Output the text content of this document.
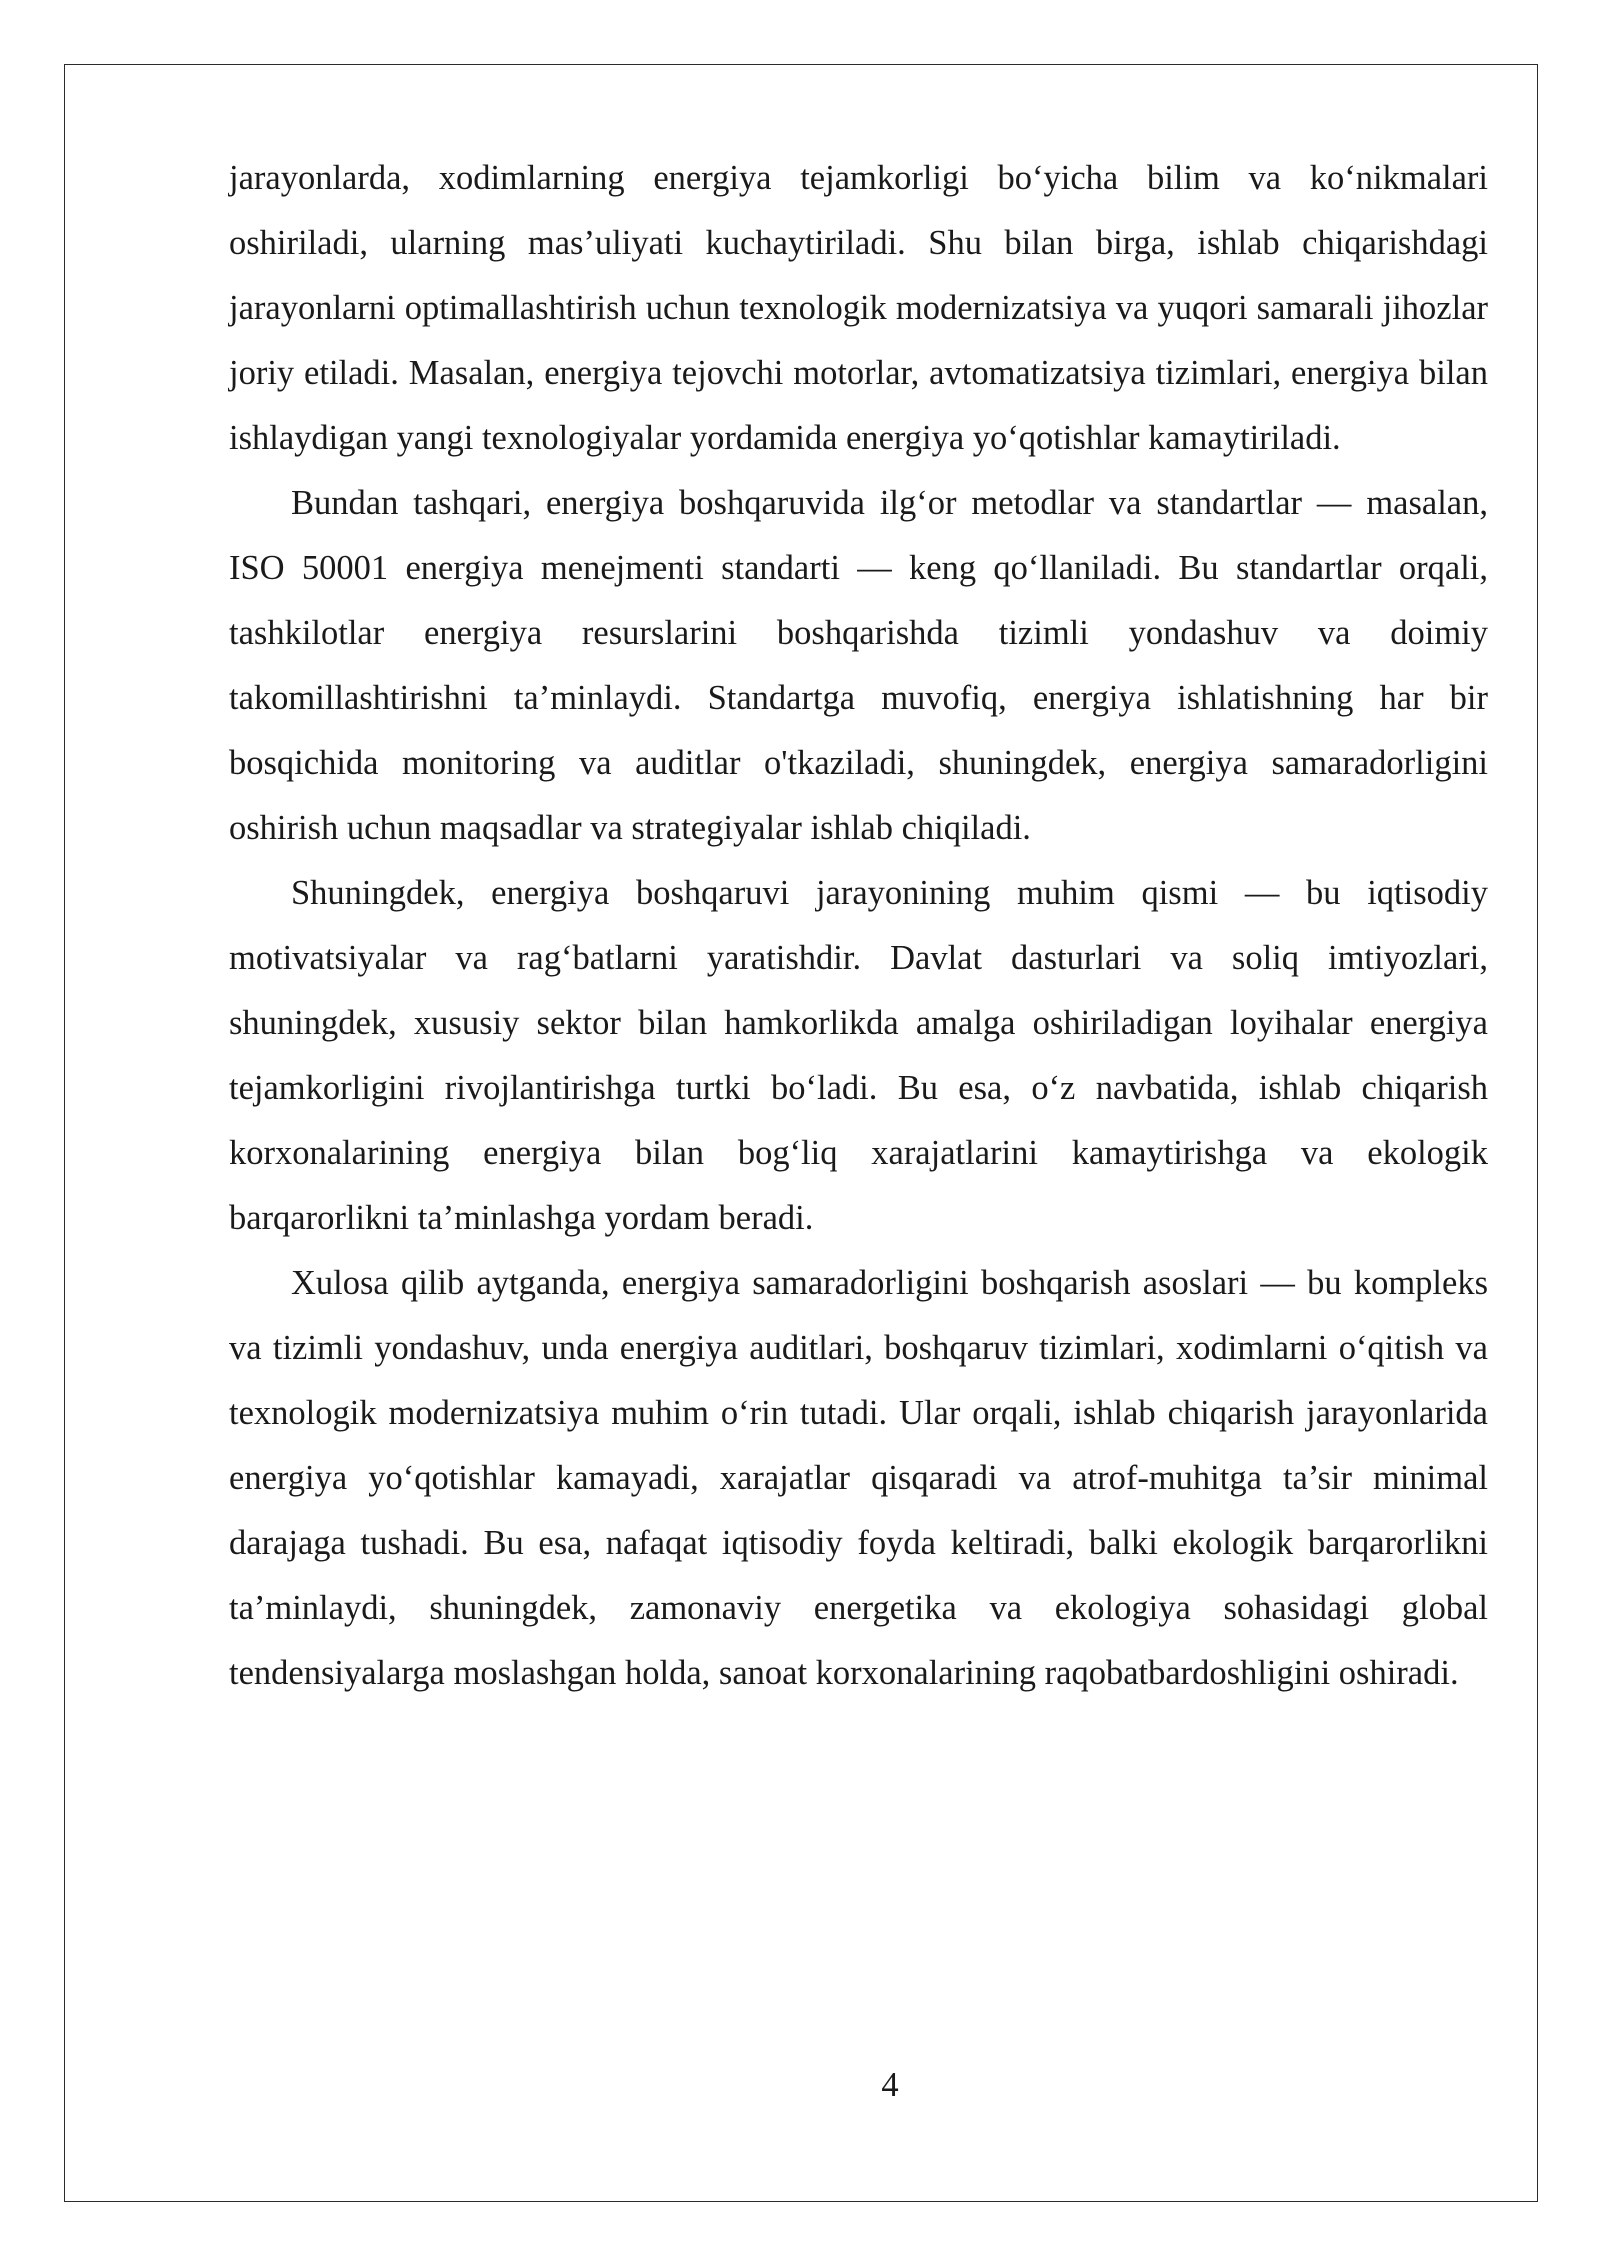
jarayonlarda, xodimlarning energiya tejamkorligi bo‘yicha bilim va ko‘nikmalari oshiriladi, ularning mas’uliyati kuchaytiriladi. Shu bilan birga, ishlab chiqarishdagi jarayonlarni optimallashtirish uchun texnologik modernizatsiya va yuqori samarali jihozlar joriy etiladi. Masalan, energiya tejovchi motorlar, avtomatizatsiya tizimlari, energiya bilan ishlaydigan yangi texnologiyalar yordamida energiya yo‘qotishlar kamaytiriladi.

Bundan tashqari, energiya boshqaruvida ilg‘or metodlar va standartlar — masalan, ISO 50001 energiya menejmenti standarti — keng qo‘llaniladi. Bu standartlar orqali, tashkilotlar energiya resurslarini boshqarishda tizimli yondashuv va doimiy takomillashtirishni ta’minlaydi. Standartga muvofiq, energiya ishlatishning har bir bosqichida monitoring va auditlar o'tkaziladi, shuningdek, energiya samaradorligini oshirish uchun maqsadlar va strategiyalar ishlab chiqiladi.

Shuningdek, energiya boshqaruvi jarayonining muhim qismi — bu iqtisodiy motivatsiyalar va rag‘batlarni yaratishdir. Davlat dasturlari va soliq imtiyozlari, shuningdek, xususiy sektor bilan hamkorlikda amalga oshiriladigan loyihalar energiya tejamkorligini rivojlantirishga turtki bo‘ladi. Bu esa, o‘z navbatida, ishlab chiqarish korxonalarining energiya bilan bog‘liq xarajatlarini kamaytirishga va ekologik barqarorlikni ta’minlashga yordam beradi.

Xulosa qilib aytganda, energiya samaradorligini boshqarish asoslari — bu kompleks va tizimli yondashuv, unda energiya auditlari, boshqaruv tizimlari, xodimlarni o‘qitish va texnologik modernizatsiya muhim o‘rin tutadi. Ular orqali, ishlab chiqarish jarayonlarida energiya yo‘qotishlar kamayadi, xarajatlar qisqaradi va atrof-muhitga ta’sir minimal darajaga tushadi. Bu esa, nafaqat iqtisodiy foyda keltiradi, balki ekologik barqarorlikni ta’minlaydi, shuningdek, zamonaviy energetika va ekologiya sohasidagi global tendensiyalarga moslashgan holda, sanoat korxonalarining raqobatbardoshligini oshiradi.

4
